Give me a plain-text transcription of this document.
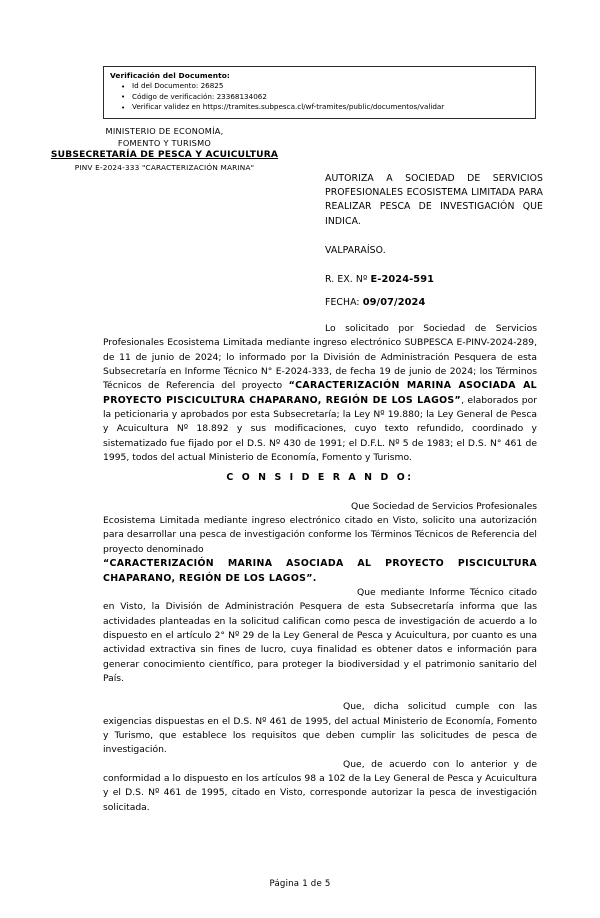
Verificación del Documento:
• Id del Documento: 26825
• Código de verificación: 23368134062
• Verificar validez en https://tramites.subpesca.cl/wf-tramites/public/documentos/validar
MINISTERIO DE ECONOMÍA,
FOMENTO Y TURISMO
SUBSECRETARÍA DE PESCA Y ACUICULTURA
PINV E-2024-333 "CARACTERIZACIÓN MARINA"
AUTORIZA A SOCIEDAD DE SERVICIOS PROFESIONALES ECOSISTEMA LIMITADA PARA REALIZAR PESCA DE INVESTIGACIÓN QUE INDICA.
VALPARAÍSO.
R. EX. Nº E-2024-591
FECHA: 09/07/2024

Lo solicitado por Sociedad de Servicios Profesionales Ecosistema Limitada mediante ingreso electrónico SUBPESCA E-PINV-2024-289, de 11 de junio de 2024; lo informado por la División de Administración Pesquera de esta Subsecretaría en Informe Técnico N° E-2024-333, de fecha 19 de junio de 2024; los Términos Técnicos de Referencia del proyecto “CARACTERIZACIÓN MARINA ASOCIADA AL PROYECTO PISCICULTURA CHAPARANO, REGIÓN DE LOS LAGOS”, elaborados por la peticionaria y aprobados por esta Subsecretaría; la Ley Nº 19.880; la Ley General de Pesca y Acuicultura Nº 18.892 y sus modificaciones, cuyo texto refundido, coordinado y sistematizado fue fijado por el D.S. Nº 430 de 1991; el D.F.L. Nº 5 de 1983; el D.S. N° 461 de 1995, todos del actual Ministerio de Economía, Fomento y Turismo.

C O N S I D E R A N D O:

Que Sociedad de Servicios Profesionales Ecosistema Limitada mediante ingreso electrónico citado en Visto, solicito una autorización para desarrollar una pesca de investigación conforme los Términos Técnicos de Referencia del proyecto denominado

“CARACTERIZACIÓN MARINA ASOCIADA AL PROYECTO PISCICULTURA CHAPARANO, REGIÓN DE LOS LAGOS”.

Que mediante Informe Técnico citado en Visto, la División de Administración Pesquera de esta Subsecretaría informa que las actividades planteadas en la solicitud califican como pesca de investigación de acuerdo a lo dispuesto en el artículo 2° Nº 29 de la Ley General de Pesca y Acuicultura, por cuanto es una actividad extractiva sin fines de lucro, cuya finalidad es obtener datos e información para generar conocimiento científico, para proteger la biodiversidad y el patrimonio sanitario del País.

Que, dicha solicitud cumple con las exigencias dispuestas en el D.S. Nº 461 de 1995, del actual Ministerio de Economía, Fomento y Turismo, que establece los requisitos que deben cumplir las solicitudes de pesca de investigación.

Que, de acuerdo con lo anterior y de conformidad a lo dispuesto en los artículos 98 a 102 de la Ley General de Pesca y Acuicultura y el D.S. Nº 461 de 1995, citado en Visto, corresponde autorizar la pesca de investigación solicitada.

Página 1 de 5
